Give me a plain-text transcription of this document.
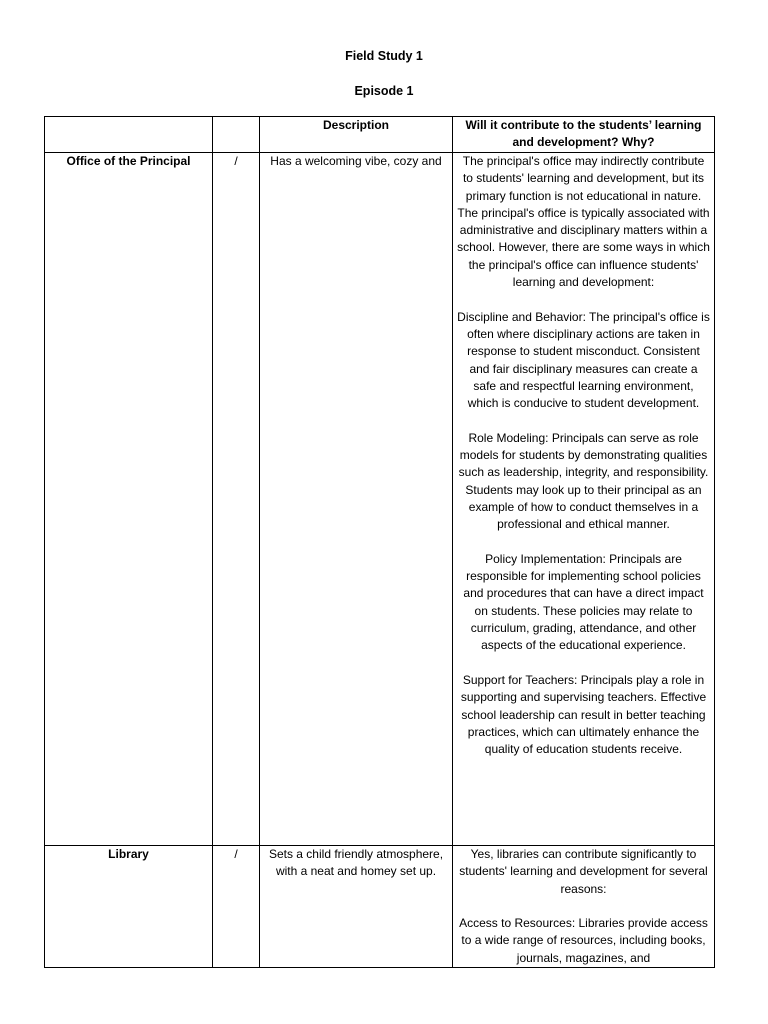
Field Study 1
Episode 1
		Description	Will it contribute to the students’ learning and development? Why?
Office of the Principal	/	Has a welcoming vibe, cozy and	The principal's office may indirectly contribute to students' learning and development, but its primary function is not educational in nature. The principal's office is typically associated with administrative and disciplinary matters within a school. However, there are some ways in which the principal's office can influence students' learning and development:

Discipline and Behavior: The principal's office is often where disciplinary actions are taken in response to student misconduct. Consistent and fair disciplinary measures can create a safe and respectful learning environment, which is conducive to student development.

Role Modeling: Principals can serve as role models for students by demonstrating qualities such as leadership, integrity, and responsibility. Students may look up to their principal as an example of how to conduct themselves in a professional and ethical manner.

Policy Implementation: Principals are responsible for implementing school policies and procedures that can have a direct impact on students. These policies may relate to curriculum, grading, attendance, and other aspects of the educational experience.

Support for Teachers: Principals play a role in supporting and supervising teachers. Effective school leadership can result in better teaching practices, which can ultimately enhance the quality of education students receive.

Library	/	Sets a child friendly atmosphere, with a neat and homey set up.	Yes, libraries can contribute significantly to students' learning and development for several reasons:

Access to Resources: Libraries provide access to a wide range of resources, including books, journals, magazines, and
